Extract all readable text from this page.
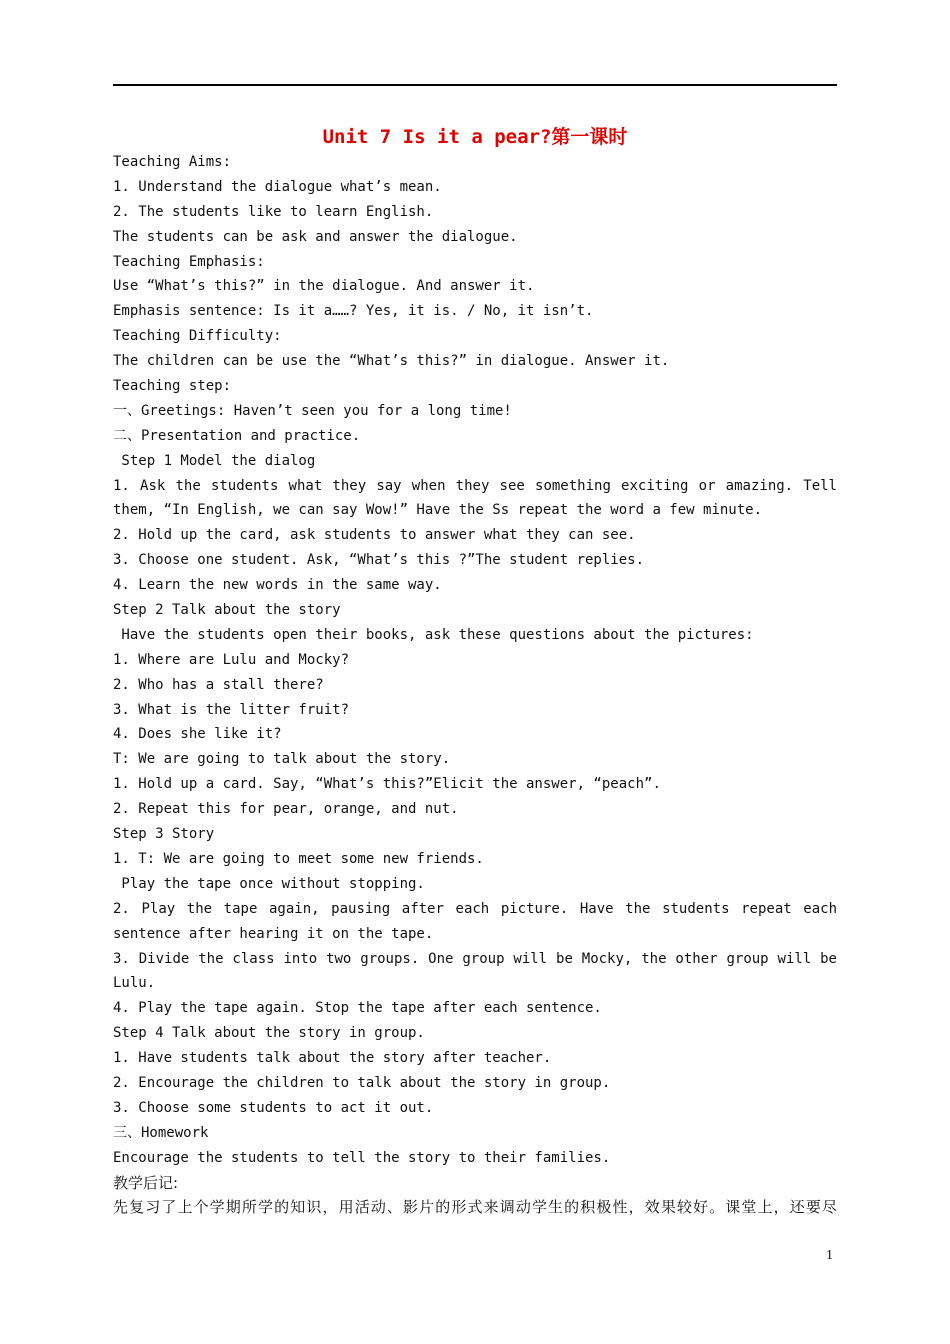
Unit 7 Is it a pear?第一课时
Teaching Aims:
1. Understand the dialogue what’s mean.
2. The students like to learn English.
The students can be ask and answer the dialogue.
Teaching Emphasis:
Use “What’s this?” in the dialogue. And answer it.
Emphasis sentence: Is it a……? Yes, it is. / No, it isn’t.
Teaching Difficulty:
The children can be use the “What’s this?” in dialogue. Answer it.
Teaching step:
一、Greetings: Haven’t seen you for a long time!
二、Presentation and practice.
Step 1 Model the dialog
1. Ask the students what they say when they see something exciting or amazing. Tell
them, “In English, we can say Wow!” Have the Ss repeat the word a few minute.
2. Hold up the card, ask students to answer what they can see.
3. Choose one student. Ask, “What’s this ?”The student replies.
4. Learn the new words in the same way.
Step 2 Talk about the story
Have the students open their books, ask these questions about the pictures:
1. Where are Lulu and Mocky?
2. Who has a stall there?
3. What is the litter fruit?
4. Does she like it?
T: We are going to talk about the story.
1. Hold up a card. Say, “What’s this?”Elicit the answer, “peach”.
2. Repeat this for pear, orange, and nut.
Step 3 Story
1. T: We are going to meet some new friends.
Play the tape once without stopping.
2. Play the tape again, pausing after each picture. Have the students repeat each
sentence after hearing it on the tape.
3. Divide the class into two groups. One group will be Mocky, the other group will be
Lulu.
4. Play the tape again. Stop the tape after each sentence.
Step 4 Talk about the story in group.
1. Have students talk about the story after teacher.
2. Encourage the children to talk about the story in group.
3. Choose some students to act it out.
三、Homework
Encourage the students to tell the story to their families.
教学后记:
先复习了上个学期所学的知识，用活动、影片的形式来调动学生的积极性，效果较好。课堂上，还要尽
1
